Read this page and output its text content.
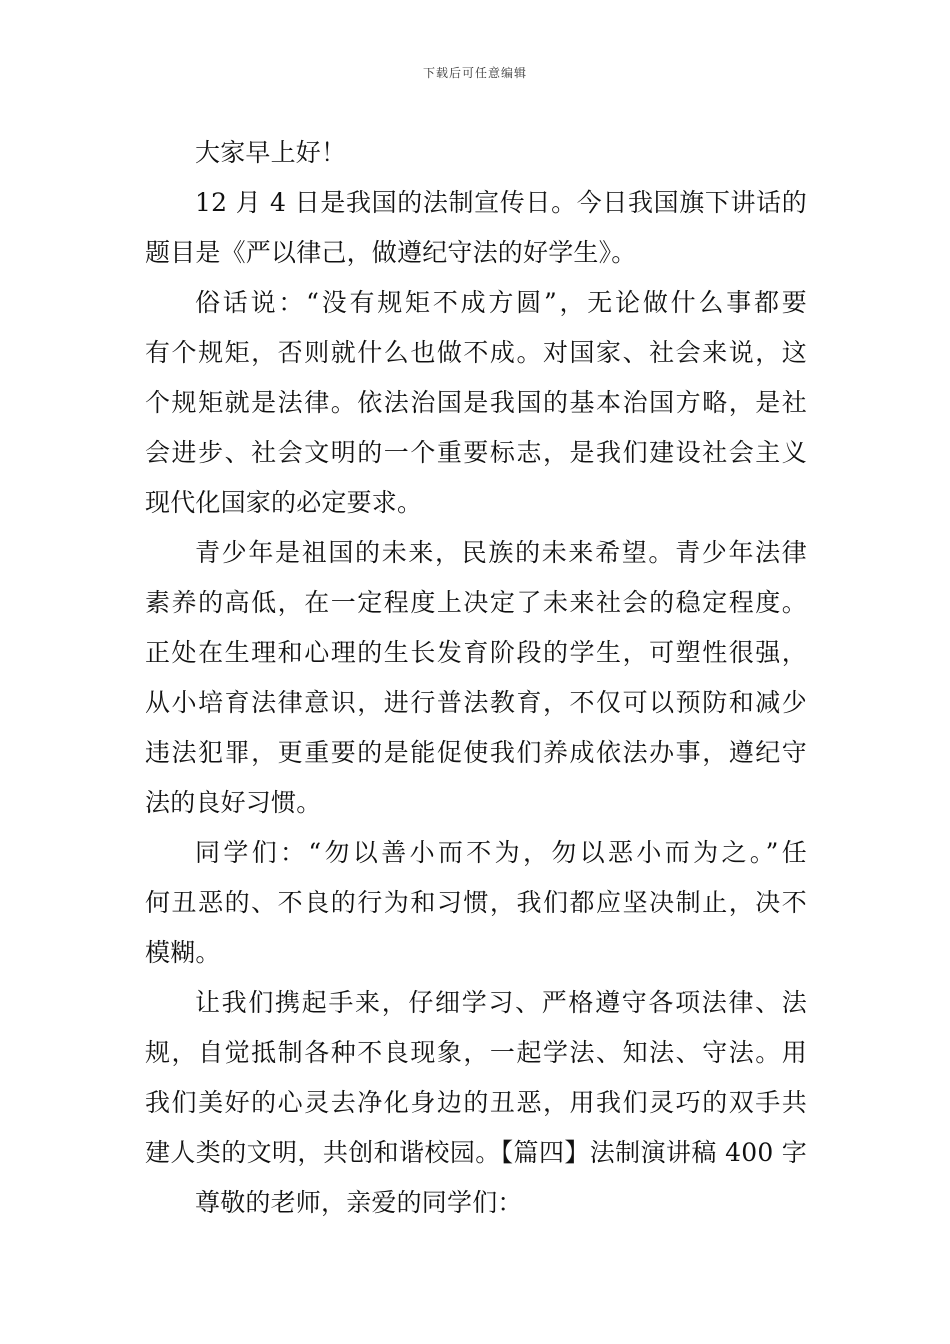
下载后可任意编辑
大家早上好！
12 月 4 日是我国的法制宣传日。今日我国旗下讲话的
题目是《严以律己，做遵纪守法的好学生》。
俗话说：“没有规矩不成方圆”，无论做什么事都要
有个规矩，否则就什么也做不成。对国家、社会来说，这
个规矩就是法律。依法治国是我国的基本治国方略，是社
会进步、社会文明的一个重要标志，是我们建设社会主义
现代化国家的必定要求。
青少年是祖国的未来，民族的未来希望。青少年法律
素养的高低，在一定程度上决定了未来社会的稳定程度。
正处在生理和心理的生长发育阶段的学生，可塑性很强，
从小培育法律意识，进行普法教育，不仅可以预防和减少
违法犯罪，更重要的是能促使我们养成依法办事，遵纪守
法的良好习惯。
同学们：“勿以善小而不为，勿以恶小而为之。”任
何丑恶的、不良的行为和习惯，我们都应坚决制止，决不
模糊。
让我们携起手来，仔细学习、严格遵守各项法律、法
规，自觉抵制各种不良现象，一起学法、知法、守法。用
我们美好的心灵去净化身边的丑恶，用我们灵巧的双手共
建人类的文明，共创和谐校园。【篇四】法制演讲稿 400 字
尊敬的老师，亲爱的同学们：
